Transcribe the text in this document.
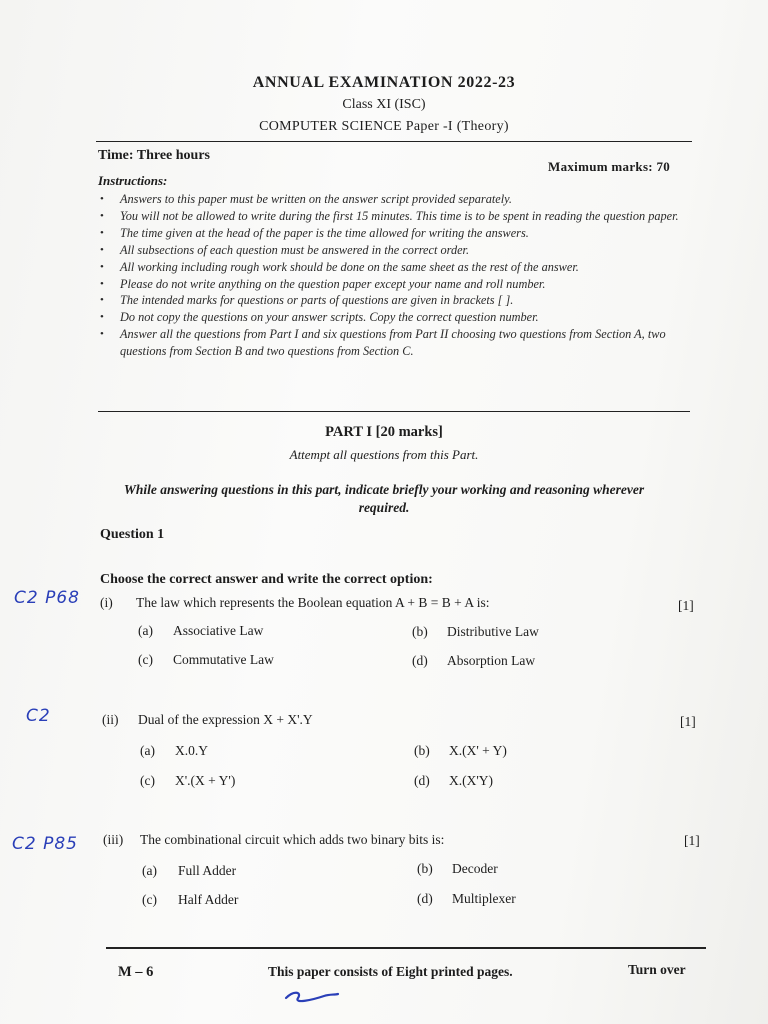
ANNUAL EXAMINATION 2022-23
Class XI (ISC)
COMPUTER SCIENCE Paper -I (Theory)
Time: Three hours
Maximum marks: 70
Instructions:
• Answers to this paper must be written on the answer script provided separately.
• You will not be allowed to write during the first 15 minutes. This time is to be spent in reading the question paper.
• The time given at the head of the paper is the time allowed for writing the answers.
• All subsections of each question must be answered in the correct order.
• All working including rough work should be done on the same sheet as the rest of the answer.
• Please do not write anything on the question paper except your name and roll number.
• The intended marks for questions or parts of questions are given in brackets [ ].
• Do not copy the questions on your answer scripts. Copy the correct question number.
• Answer all the questions from Part I and six questions from Part II choosing two questions from Section A, two questions from Section B and two questions from Section C.
PART I [20 marks]
Attempt all questions from this Part.
While answering questions in this part, indicate briefly your working and reasoning wherever required.
Question 1
Choose the correct answer and write the correct option:
C2 P68 (i) The law which represents the Boolean equation A + B = B + A is:	[1]
(a) Associative Law	(b) Distributive Law
(c) Commutative Law	(d) Absorption Law
C2	(ii) Dual of the expression X + X'.Y	[1]
(a) X.0.Y	(b) X.(X' + Y)
(c) X'.(X + Y')	(d) X.(X'Y)
C2 P85 (iii) The combinational circuit which adds two binary bits is:	[1]
(a) Full Adder	(b) Decoder
(c) Half Adder	(d) Multiplexer
M – 6	This paper consists of Eight printed pages.	Turn over
